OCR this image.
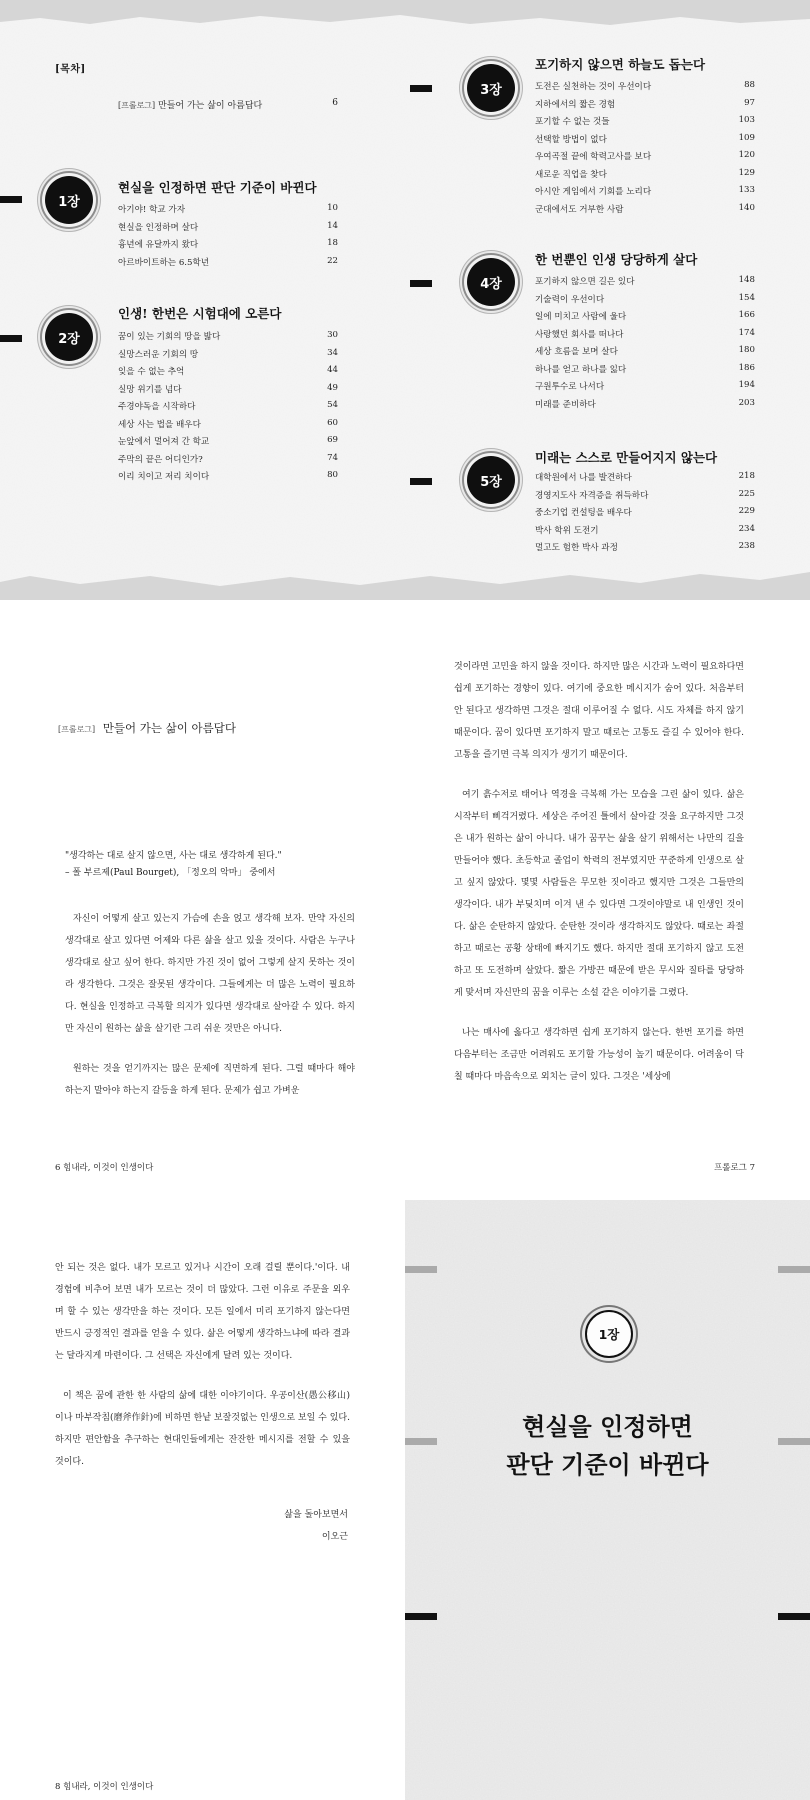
[목차]
[프롤로그] 만들어 가는 삶이 아름답다	6
1장
현실을 인정하면 판단 기준이 바뀐다
아기야! 학교 가자	10
현실을 인정하며 살다	14
흉년에 유달까지 왔다	18
아르바이트하는 6.5학년	22
2장
인생! 한번은 시험대에 오른다
꿈이 있는 기회의 땅을 밟다	30
실망스러운 기회의 땅	34
잊을 수 없는 추억	44
실망 위기를 넘다	49
주경야독을 시작하다	54
세상 사는 법을 배우다	60
눈앞에서 멀어져 간 학교	69
주막의 끝은 어디인가?	74
이리 치이고 저리 치이다	80
3장
포기하지 않으면 하늘도 돕는다
도전은 실천하는 것이 우선이다	88
지하에서의 짧은 경험	97
포기할 수 없는 것들	103
선택할 방법이 없다	109
우여곡절 끝에 학력고사를 보다	120
새로운 직업을 찾다	129
아시안 게임에서 기회를 노리다	133
군대에서도 거부한 사람	140
4장
한 번뿐인 인생 당당하게 살다
포기하지 않으면 길은 있다	148
기술력이 우선이다	154
일에 미치고 사람에 울다	166
사랑했던 회사를 떠나다	174
세상 흐름을 보며 살다	180
하나를 얻고 하나를 잃다	186
구원투수로 나서다	194
미래를 준비하다	203
5장
미래는 스스로 만들어지지 않는다
대학원에서 나를 발견하다	218
경영지도사 자격증을 취득하다	225
중소기업 컨설팅을 배우다	229
박사 학위 도전기	234
멀고도 험한 박사 과정	238
[프롤로그] 만들어 가는 삶이 아름답다
"생각하는 대로 살지 않으면, 사는 대로 생각하게 된다."
– 폴 부르제(Paul Bourget), 「정오의 악마」 중에서

자신이 어떻게 살고 있는지 가슴에 손을 얹고 생각해 보자. 만약 자신의 생각대로 살고 있다면 어제와 다른 삶을 살고 있을 것이다. 사람은 누구나 생각대로 살고 싶어 한다. 하지만 가진 것이 없어 그렇게 살지 못하는 것이라 생각한다. 그것은 잘못된 생각이다. 그들에게는 더 많은 노력이 필요하다. 현실을 인정하고 극복할 의지가 있다면 생각대로 살아갈 수 있다. 하지만 자신이 원하는 삶을 살기란 그리 쉬운 것만은 아니다.

원하는 것을 얻기까지는 많은 문제에 직면하게 된다. 그럴 때마다 해야 하는지 말아야 하는지 갈등을 하게 된다. 문제가 쉽고 가벼운

것이라면 고민을 하지 않을 것이다. 하지만 많은 시간과 노력이 필요하다면 쉽게 포기하는 경향이 있다. 여기에 중요한 메시지가 숨어 있다. 처음부터 안 된다고 생각하면 그것은 절대 이루어질 수 없다. 시도 자체를 하지 않기 때문이다. 꿈이 있다면 포기하지 말고 때로는 고통도 즐길 수 있어야 한다. 고통을 즐기면 극복 의지가 생기기 때문이다.

여기 흙수저로 태어나 역경을 극복해 가는 모습을 그린 삶이 있다. 삶은 시작부터 삐걱거렸다. 세상은 주어진 틀에서 살아갈 것을 요구하지만 그것은 내가 원하는 삶이 아니다. 내가 꿈꾸는 삶을 살기 위해서는 나만의 길을 만들어야 했다. 초등학교 졸업이 학력의 전부였지만 꾸준하게 인생으로 살고 싶지 않았다. 몇몇 사람들은 무모한 짓이라고 했지만 그것은 그들만의 생각이다. 내가 부딪치며 이겨 낸 수 있다면 그것이야말로 내 인생인 것이다. 삶은 순탄하지 않았다. 순탄한 것이라 생각하지도 않았다. 때로는 좌절하고 때로는 공황 상태에 빠지기도 했다. 하지만 절대 포기하지 않고 도전하고 또 도전하며 살았다. 짧은 가방끈 때문에 받은 무시와 질타를 당당하게 맞서며 자신만의 꿈을 이루는 소설 같은 이야기를 그렸다.

나는 매사에 옳다고 생각하면 쉽게 포기하지 않는다. 한번 포기를 하면 다음부터는 조금만 어려워도 포기할 가능성이 높기 때문이다. 어려움이 닥칠 때마다 마음속으로 외치는 글이 있다. 그것은 '세상에

6 힘내라, 이것이 인생이다	프롤로그 7

안 되는 것은 없다. 내가 모르고 있거나 시간이 오래 걸릴 뿐이다.'이다. 내 경험에 비추어 보면 내가 모르는 것이 더 많았다. 그런 이유로 주문을 외우며 할 수 있는 생각만을 하는 것이다. 모든 일에서 미리 포기하지 않는다면 반드시 긍정적인 결과를 얻을 수 있다. 삶은 어떻게 생각하느냐에 따라 결과는 달라지게 마련이다. 그 선택은 자신에게 달려 있는 것이다.

이 책은 꿈에 관한 한 사람의 삶에 대한 이야기이다. 우공이산(愚公移山)이나 마부작침(磨斧作針)에 비하면 한낱 보잘것없는 인생으로 보일 수 있다. 하지만 편안함을 추구하는 현대인들에게는 잔잔한 메시지를 전할 수 있을 것이다.

삶을 돌아보면서
이오근
8 힘내라, 이것이 인생이다
1장
현실을 인정하면
판단 기준이 바뀐다
